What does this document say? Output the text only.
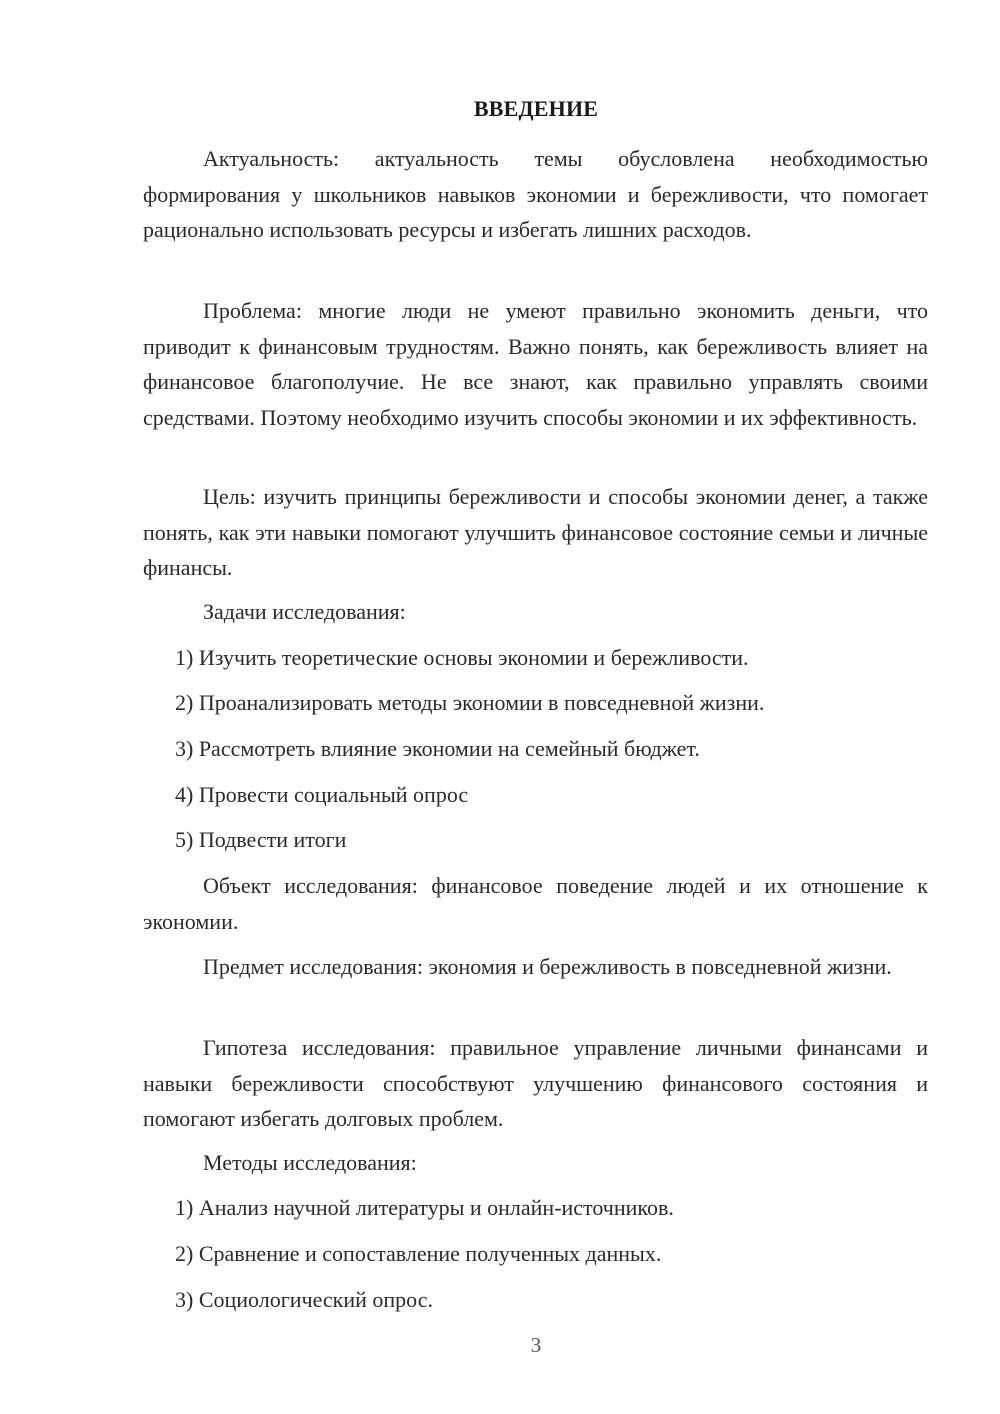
ВВЕДЕНИЕ

Актуальность: актуальность темы обусловлена необходимостью формирования у школьников навыков экономии и бережливости, что помогает рационально использовать ресурсы и избегать лишних расходов.

Проблема: многие люди не умеют правильно экономить деньги, что приводит к финансовым трудностям. Важно понять, как бережливость влияет на финансовое благополучие. Не все знают, как правильно управлять своими средствами. Поэтому необходимо изучить способы экономии и их эффективность.

Цель: изучить принципы бережливости и способы экономии денег, а также понять, как эти навыки помогают улучшить финансовое состояние семьи и личные финансы.

Задачи исследования:

1) Изучить теоретические основы экономии и бережливости.

2) Проанализировать методы экономии в повседневной жизни.

3) Рассмотреть влияние экономии на семейный бюджет.

4) Провести социальный опрос

5) Подвести итоги

Объект исследования: финансовое поведение людей и их отношение к экономии.

Предмет исследования: экономия и бережливость в повседневной жизни.

Гипотеза исследования: правильное управление личными финансами и навыки бережливости способствуют улучшению финансового состояния и помогают избегать долговых проблем.

Методы исследования:

1) Анализ научной литературы и онлайн-источников.

2) Сравнение и сопоставление полученных данных.

3) Социологический опрос.

3
